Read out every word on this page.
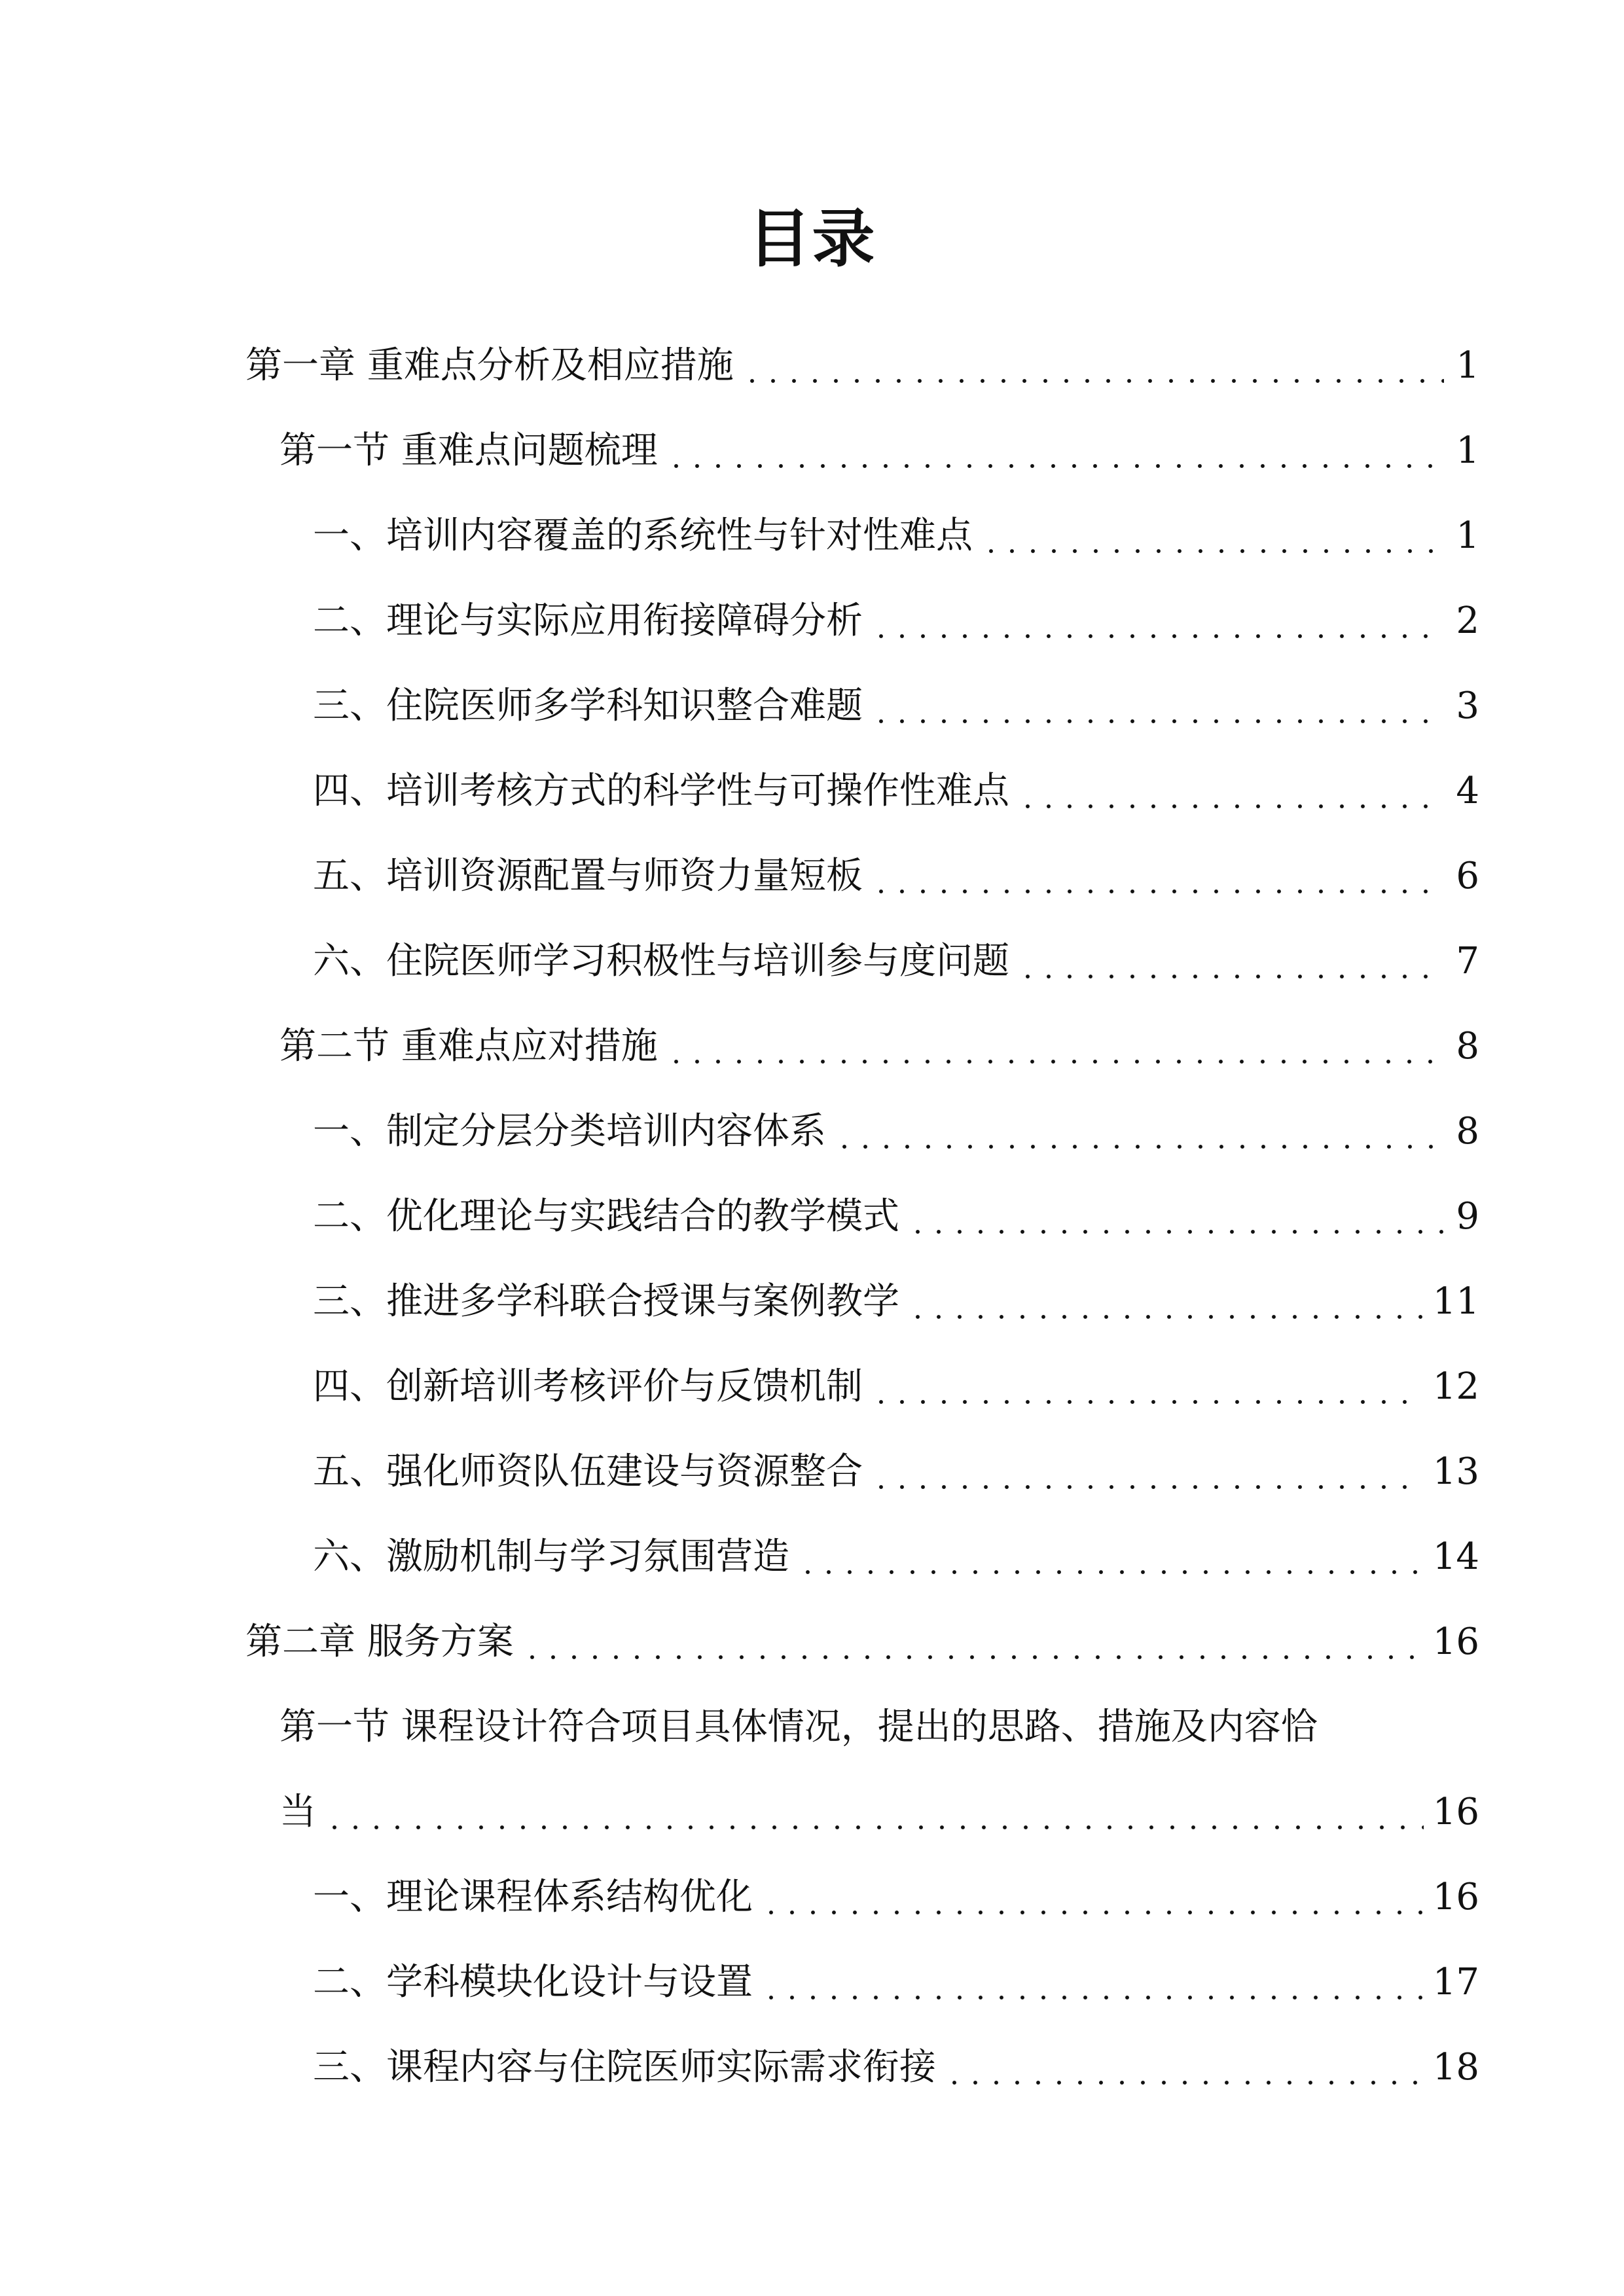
目录
第一章 重难点分析及相应措施	1
第一节 重难点问题梳理	1
一、培训内容覆盖的系统性与针对性难点	1
二、理论与实际应用衔接障碍分析	2
三、住院医师多学科知识整合难题	3
四、培训考核方式的科学性与可操作性难点	4
五、培训资源配置与师资力量短板	6
六、住院医师学习积极性与培训参与度问题	7
第二节 重难点应对措施	8
一、制定分层分类培训内容体系	8
二、优化理论与实践结合的教学模式	9
三、推进多学科联合授课与案例教学	11
四、创新培训考核评价与反馈机制	12
五、强化师资队伍建设与资源整合	13
六、激励机制与学习氛围营造	14
第二章 服务方案	16
第一节 课程设计符合项目具体情况，提出的思路、措施及内容恰
当	16
一、理论课程体系结构优化	16
二、学科模块化设计与设置	17
三、课程内容与住院医师实际需求衔接	18
